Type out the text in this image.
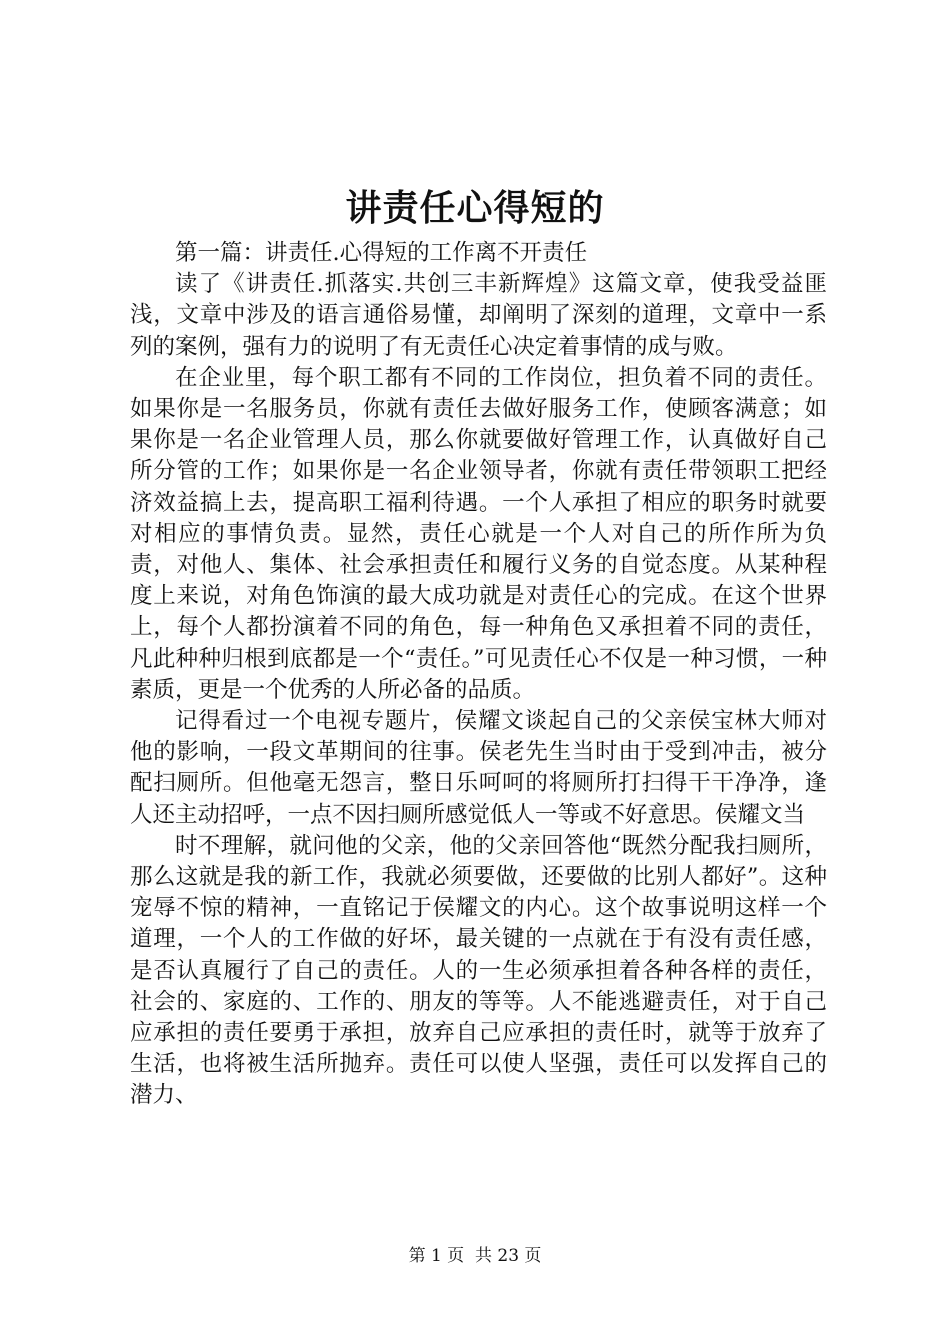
讲责任心得短的

第一篇：讲责任.心得短的工作离不开责任

读了《讲责任.抓落实.共创三丰新辉煌》这篇文章，使我受益匪浅，文章中涉及的语言通俗易懂，却阐明了深刻的道理，文章中一系列的案例，强有力的说明了有无责任心决定着事情的成与败。

在企业里，每个职工都有不同的工作岗位，担负着不同的责任。如果你是一名服务员，你就有责任去做好服务工作，使顾客满意；如果你是一名企业管理人员，那么你就要做好管理工作，认真做好自己所分管的工作；如果你是一名企业领导者，你就有责任带领职工把经济效益搞上去，提高职工福利待遇。一个人承担了相应的职务时就要对相应的事情负责。显然，责任心就是一个人对自己的所作所为负责，对他人、集体、社会承担责任和履行义务的自觉态度。从某种程度上来说，对角色饰演的最大成功就是对责任心的完成。在这个世界上，每个人都扮演着不同的角色，每一种角色又承担着不同的责任，凡此种种归根到底都是一个“责任。”可见责任心不仅是一种习惯，一种素质，更是一个优秀的人所必备的品质。

记得看过一个电视专题片，侯耀文谈起自己的父亲侯宝林大师对他的影响，一段文革期间的往事。侯老先生当时由于受到冲击，被分配扫厕所。但他毫无怨言，整日乐呵呵的将厕所打扫得干干净净，逢人还主动招呼，一点不因扫厕所感觉低人一等或不好意思。侯耀文当

时不理解，就问他的父亲，他的父亲回答他“既然分配我扫厕所，那么这就是我的新工作，我就必须要做，还要做的比别人都好”。这种宠辱不惊的精神，一直铭记于侯耀文的内心。这个故事说明这样一个道理，一个人的工作做的好坏，最关键的一点就在于有没有责任感，是否认真履行了自己的责任。人的一生必须承担着各种各样的责任，社会的、家庭的、工作的、朋友的等等。人不能逃避责任，对于自己应承担的责任要勇于承担，放弃自己应承担的责任时，就等于放弃了生活，也将被生活所抛弃。责任可以使人坚强，责任可以发挥自己的潜力、

第 1 页  共 23 页
